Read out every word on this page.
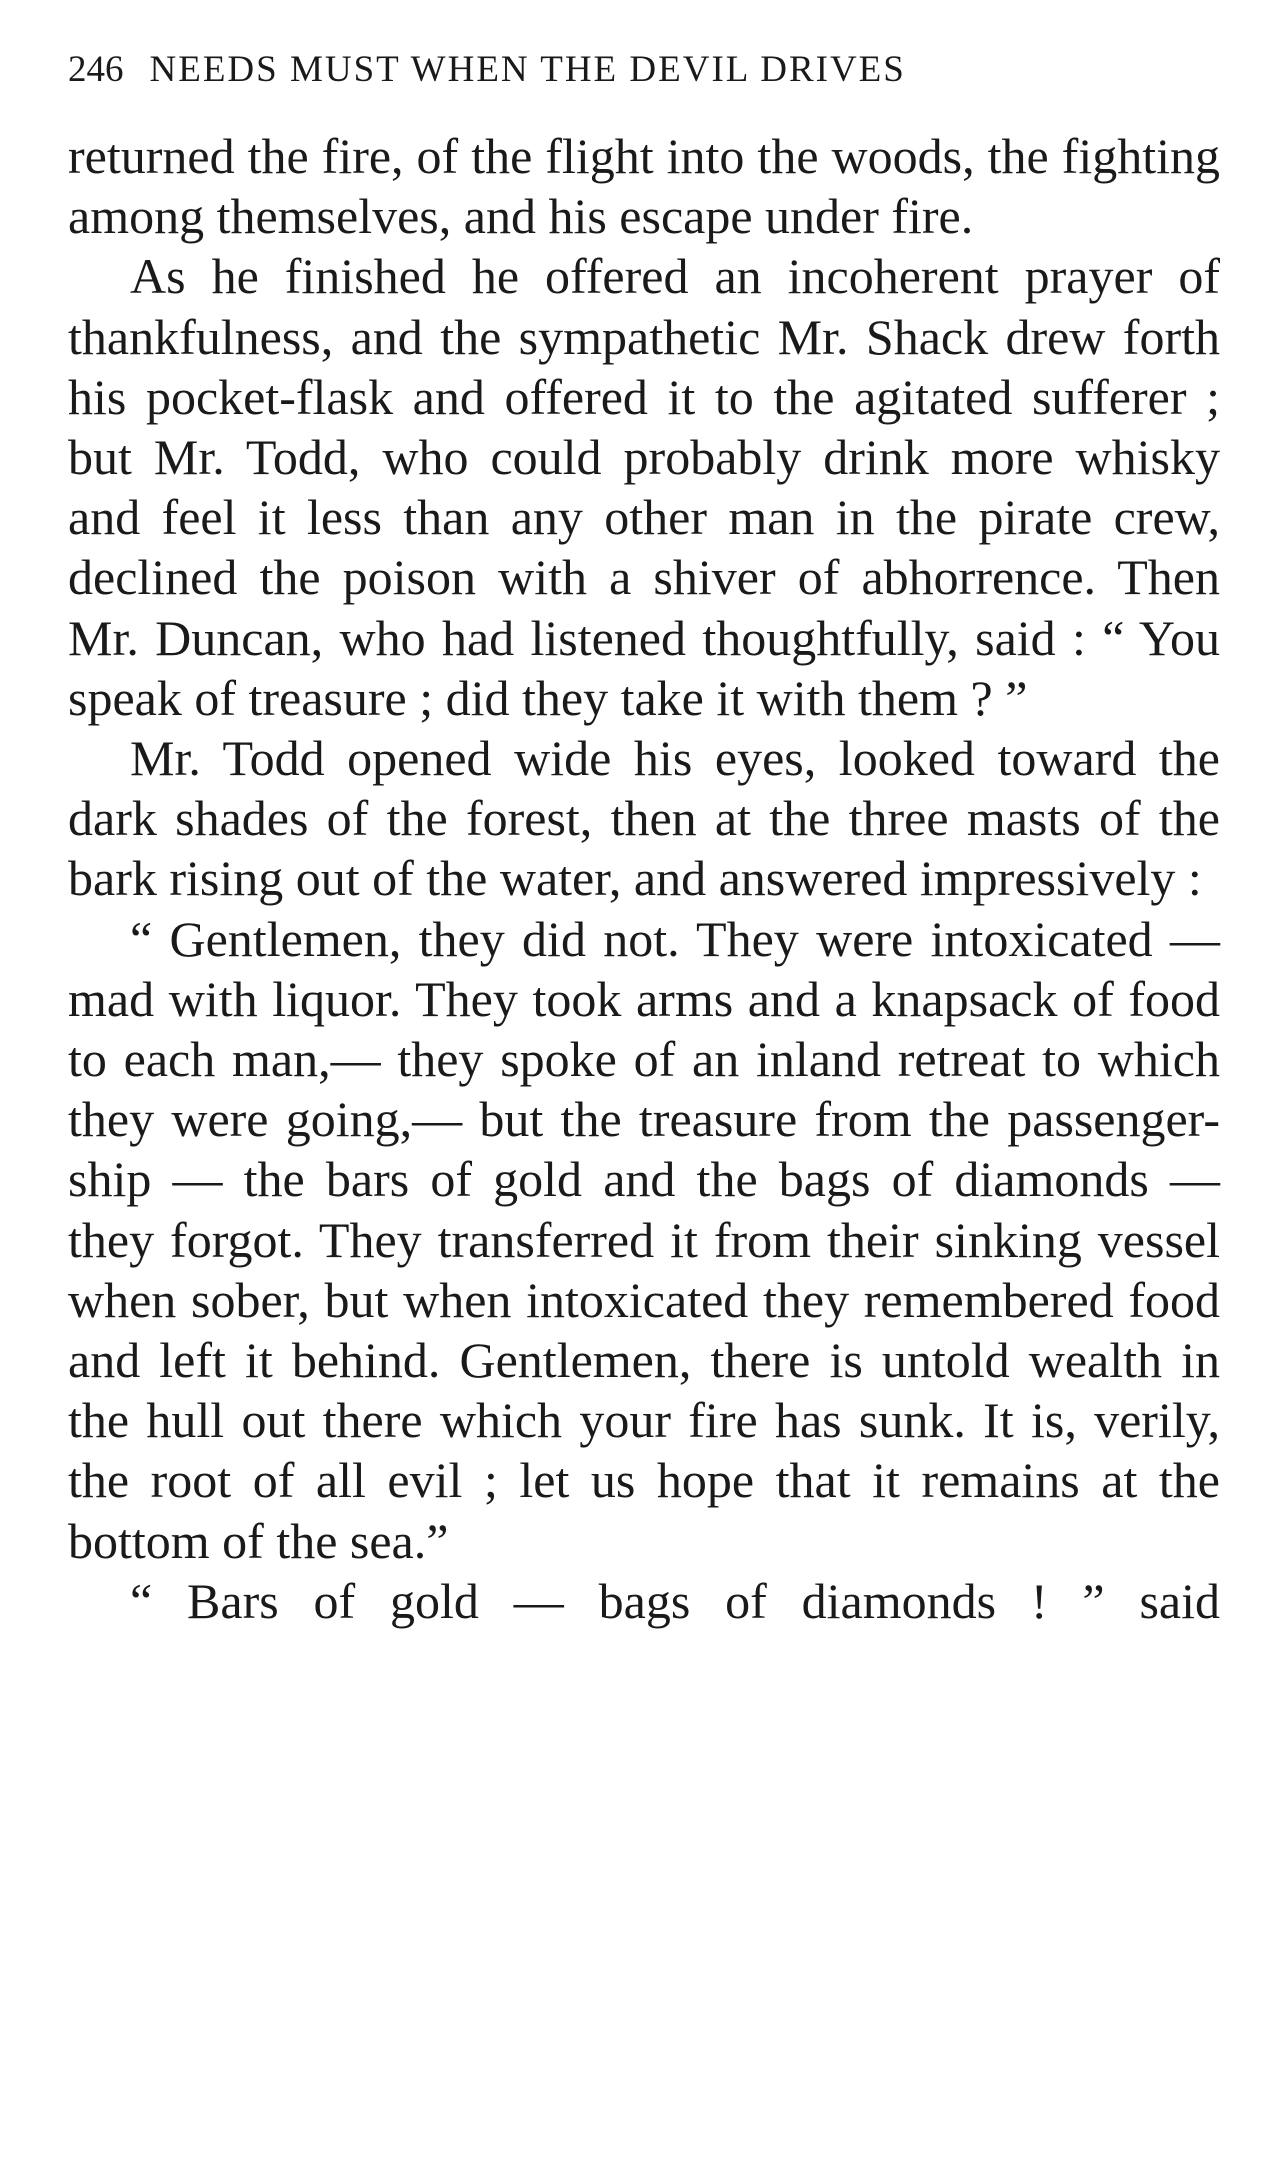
246 NEEDS MUST WHEN THE DEVIL DRIVES

returned the fire, of the flight into the woods, the fighting among themselves, and his escape under fire.

As he finished he offered an incoherent prayer of thankfulness, and the sympathetic Mr. Shack drew forth his pocket-flask and offered it to the agitated sufferer ; but Mr. Todd, who could probably drink more whisky and feel it less than any other man in the pirate crew, declined the poison with a shiver of abhorrence. Then Mr. Duncan, who had listened thoughtfully, said : “ You speak of treasure ; did they take it with them ? ”

Mr. Todd opened wide his eyes, looked toward the dark shades of the forest, then at the three masts of the bark rising out of the water, and answered impressively :

“ Gentlemen, they did not. They were intoxicated — mad with liquor. They took arms and a knapsack of food to each man,— they spoke of an inland retreat to which they were going,— but the treasure from the passenger-ship — the bars of gold and the bags of diamonds — they forgot. They transferred it from their sinking vessel when sober, but when intoxicated they remembered food and left it behind. Gentlemen, there is untold wealth in the hull out there which your fire has sunk. It is, verily, the root of all evil ; let us hope that it remains at the bottom of the sea.”

“ Bars of gold — bags of diamonds ! ” said
